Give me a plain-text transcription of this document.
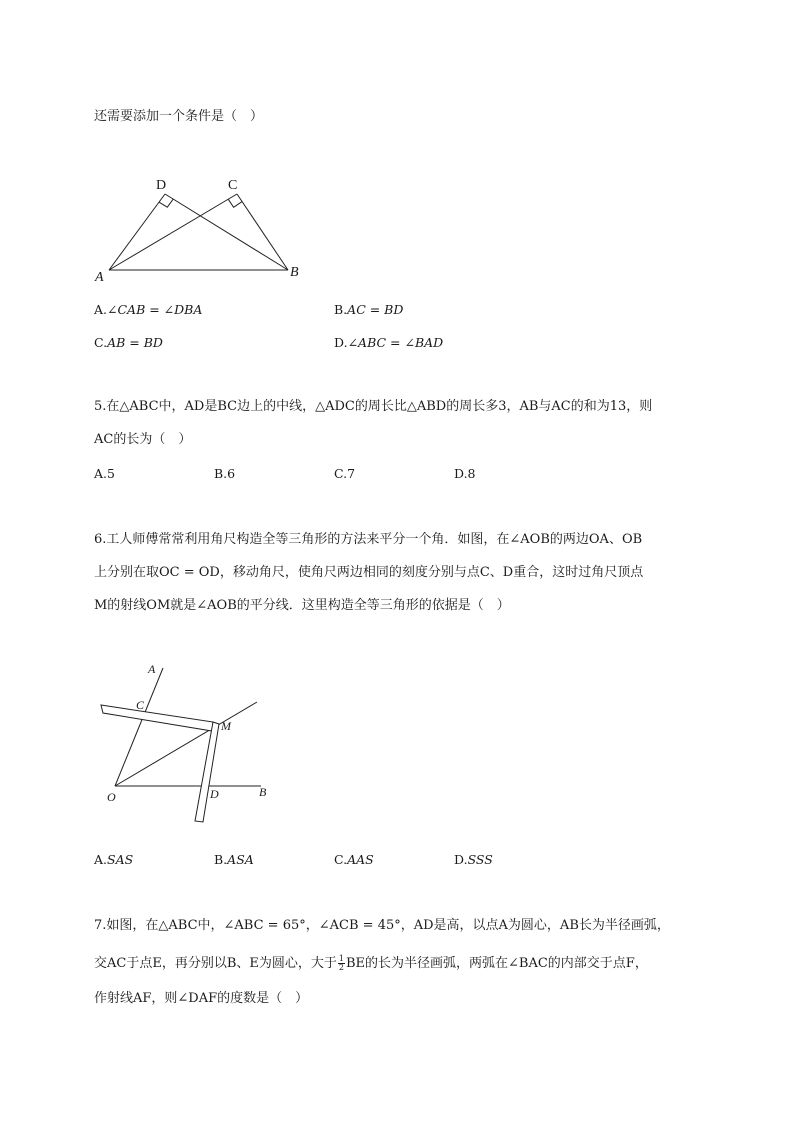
还需要添加一个条件是（　）
D	C
A	B
A.∠CAB = ∠DBA	B.AC = BD
C.AB = BD	D.∠ABC = ∠BAD
5.在△ABC中，AD是BC边上的中线，△ADC的周长比△ABD的周长多3，AB与AC的和为13，则
AC的长为（　）
A.5	B.6	C.7	D.8
6.工人师傅常常利用角尺构造全等三角形的方法来平分一个角．如图，在∠AOB的两边OA、OB
上分别在取OC = OD，移动角尺，使角尺两边相同的刻度分别与点C、D重合，这时过角尺顶点
M的射线OM就是∠AOB的平分线．这里构造全等三角形的依据是（　）
A
C
M
O	D	B
A.SAS	B.ASA	C.AAS	D.SSS
7.如图，在△ABC中，∠ABC = 65°，∠ACB = 45°，AD是高，以点A为圆心，AB长为半径画弧，
交AC于点E，再分别以B、E为圆心，大于 $\frac{1}{2}$ BE的长为半径画弧，两弧在∠BAC的内部交于点F，
作射线AF，则∠DAF的度数是（　）
